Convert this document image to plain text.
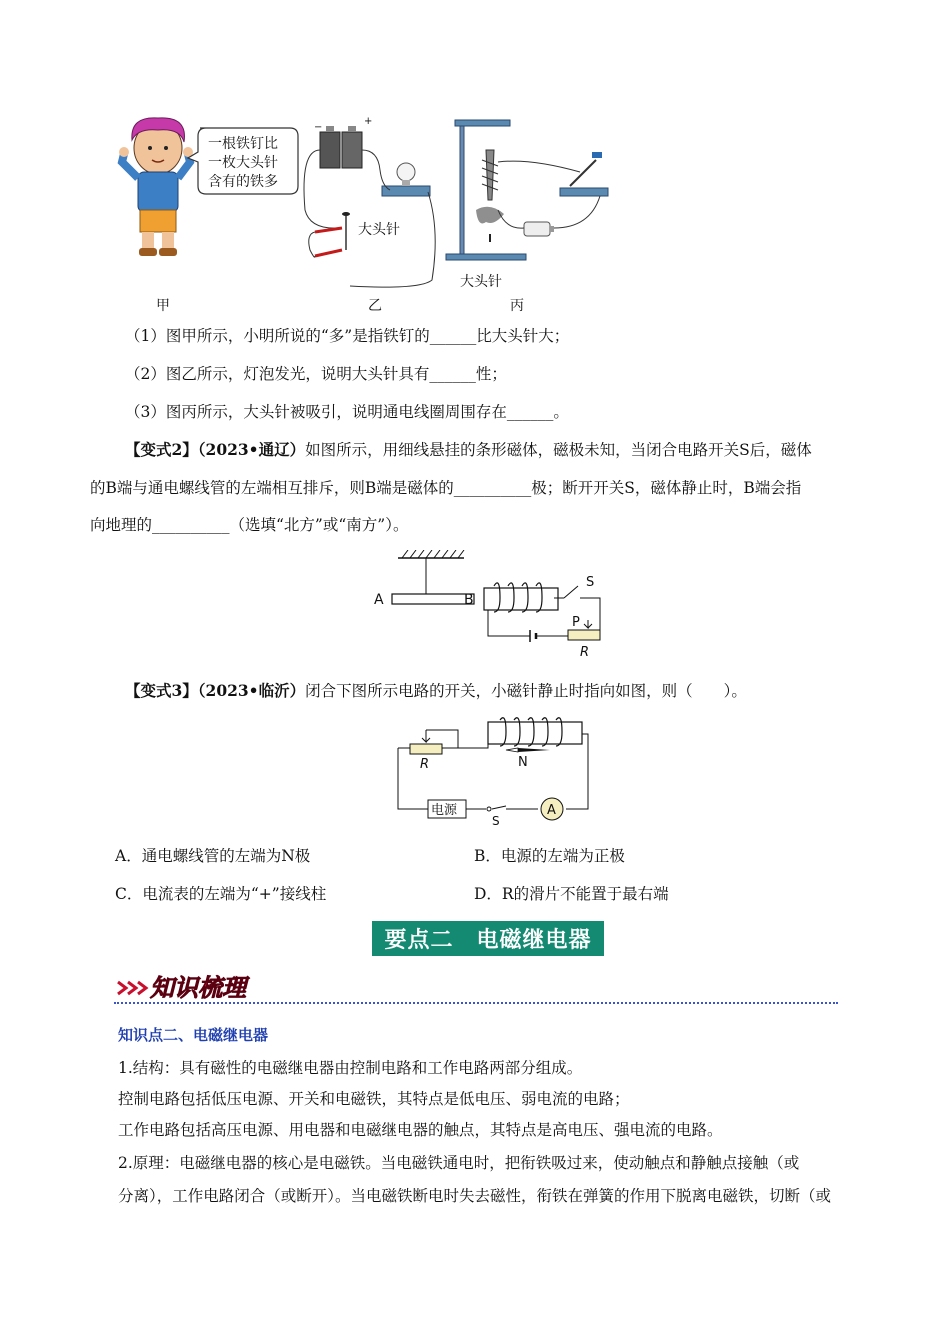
一根铁钉比
一枚大头针
含有的铁多
−
+
大头针
大头针
甲	乙	丙
（1）图甲所示，小明所说的“多”是指铁钉的______比大头针大；
（2）图乙所示，灯泡发光，说明大头针具有______性；
（3）图丙所示，大头针被吸引，说明通电线圈周围存在______。
【变式2】（2023•通辽）如图所示，用细线悬挂的条形磁体，磁极未知，当闭合电路开关S后，磁体
的B端与通电螺线管的左端相互排斥，则B端是磁体的__________极；断开开关S，磁体静止时，B端会指
向地理的__________（选填“北方”或“南方”）。
A	B
S
P
R
【变式3】（2023•临沂）闭合下图所示电路的开关，小磁针静止时指向如图，则（　　）。
R	N
电源
S
A
A．通电螺线管的左端为N极	B．电源的左端为正极
C．电流表的左端为“+”接线柱	D．R的滑片不能置于最右端
要点二　电磁继电器
知识梳理
知识点二、电磁继电器
1.结构：具有磁性的电磁继电器由控制电路和工作电路两部分组成。
控制电路包括低压电源、开关和电磁铁，其特点是低电压、弱电流的电路；
工作电路包括高压电源、用电器和电磁继电器的触点，其特点是高电压、强电流的电路。
2.原理：电磁继电器的核心是电磁铁。当电磁铁通电时，把衔铁吸过来，使动触点和静触点接触（或
分离），工作电路闭合（或断开）。当电磁铁断电时失去磁性，衔铁在弹簧的作用下脱离电磁铁，切断（或
